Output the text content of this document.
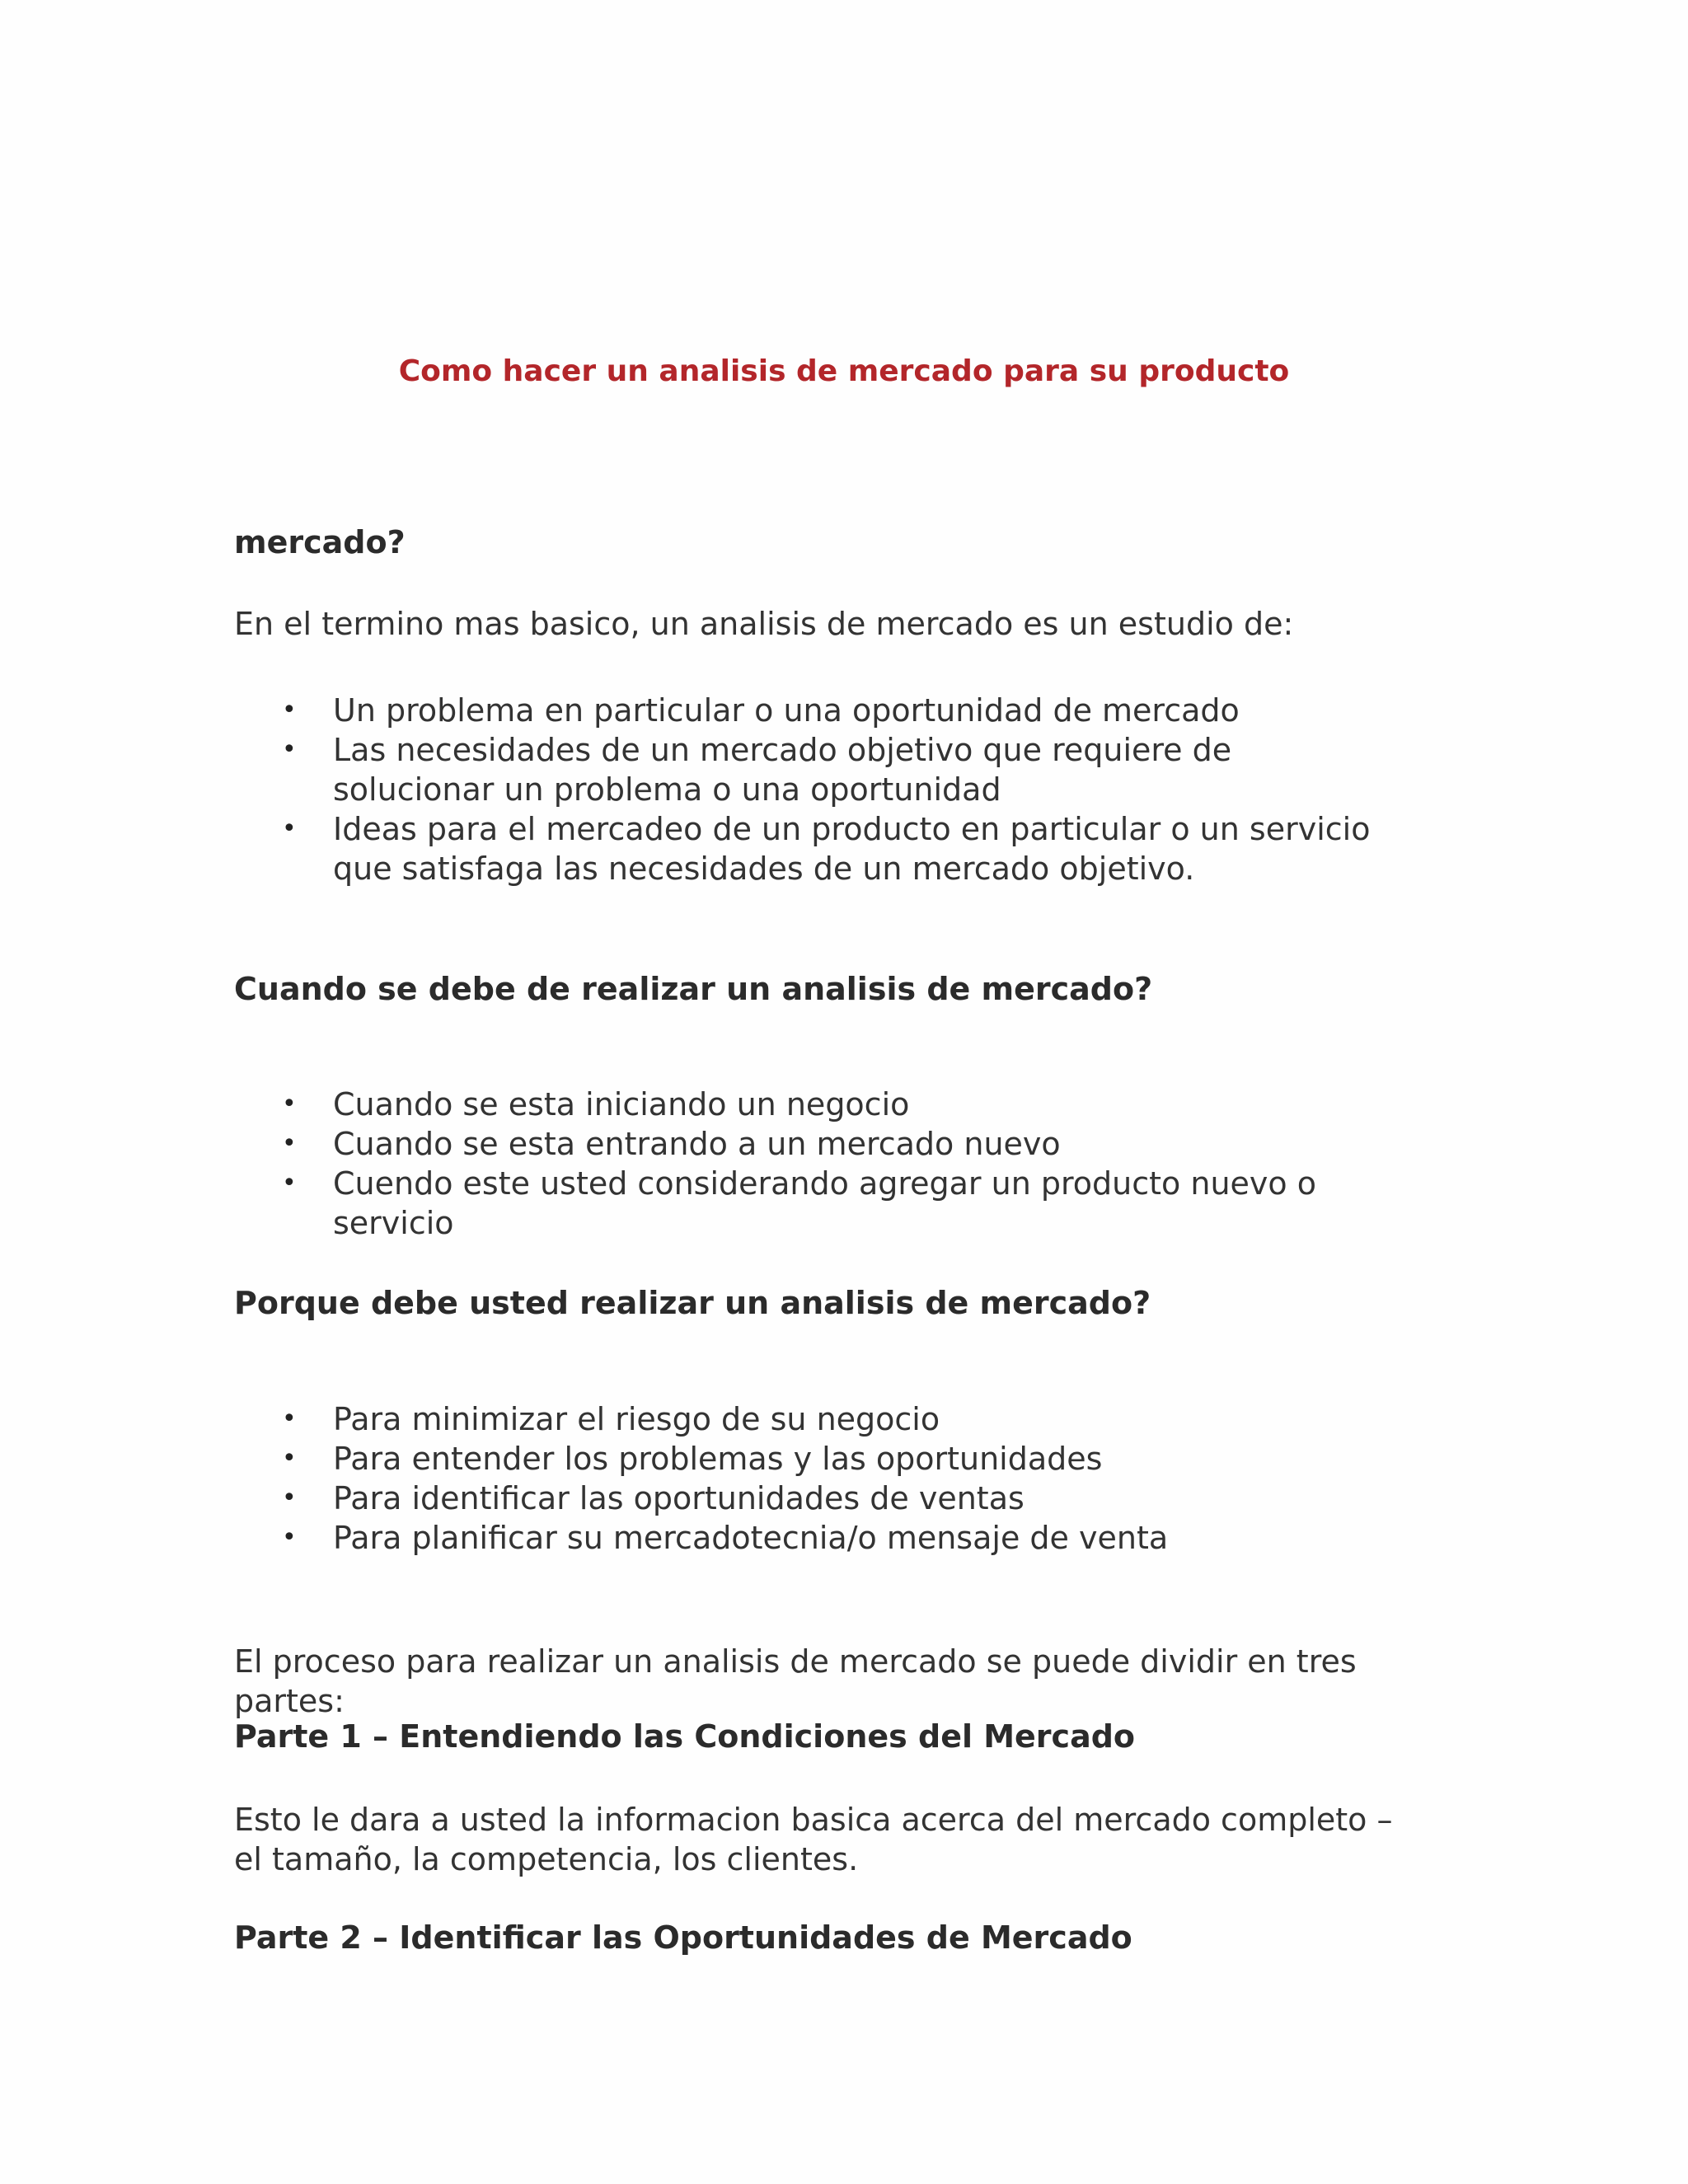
Como hacer un analisis de mercado para su producto
mercado?

En el termino mas basico, un analisis de mercado es un estudio de:

• Un problema en particular o una oportunidad de mercado
• Las necesidades de un mercado objetivo que requiere de solucionar un problema o una oportunidad
• Ideas para el mercadeo de un producto en particular o un servicio que satisfaga las necesidades de un mercado objetivo.
Cuando se debe de realizar un analisis de mercado?
• Cuando se esta iniciando un negocio
• Cuando se esta entrando a un mercado nuevo
• Cuendo este usted considerando agregar un producto nuevo o servicio
Porque debe usted realizar un analisis de mercado?
• Para minimizar el riesgo de su negocio
• Para entender los problemas y las oportunidades
• Para identificar las oportunidades de ventas
• Para planificar su mercadotecnia/o mensaje de venta

El proceso para realizar un analisis de mercado se puede dividir en tres partes:

Parte 1 – Entendiendo las Condiciones del Mercado

Esto le dara a usted la informacion basica acerca del mercado completo – el tamaño, la competencia, los clientes.

Parte 2 – Identificar las Oportunidades de Mercado
